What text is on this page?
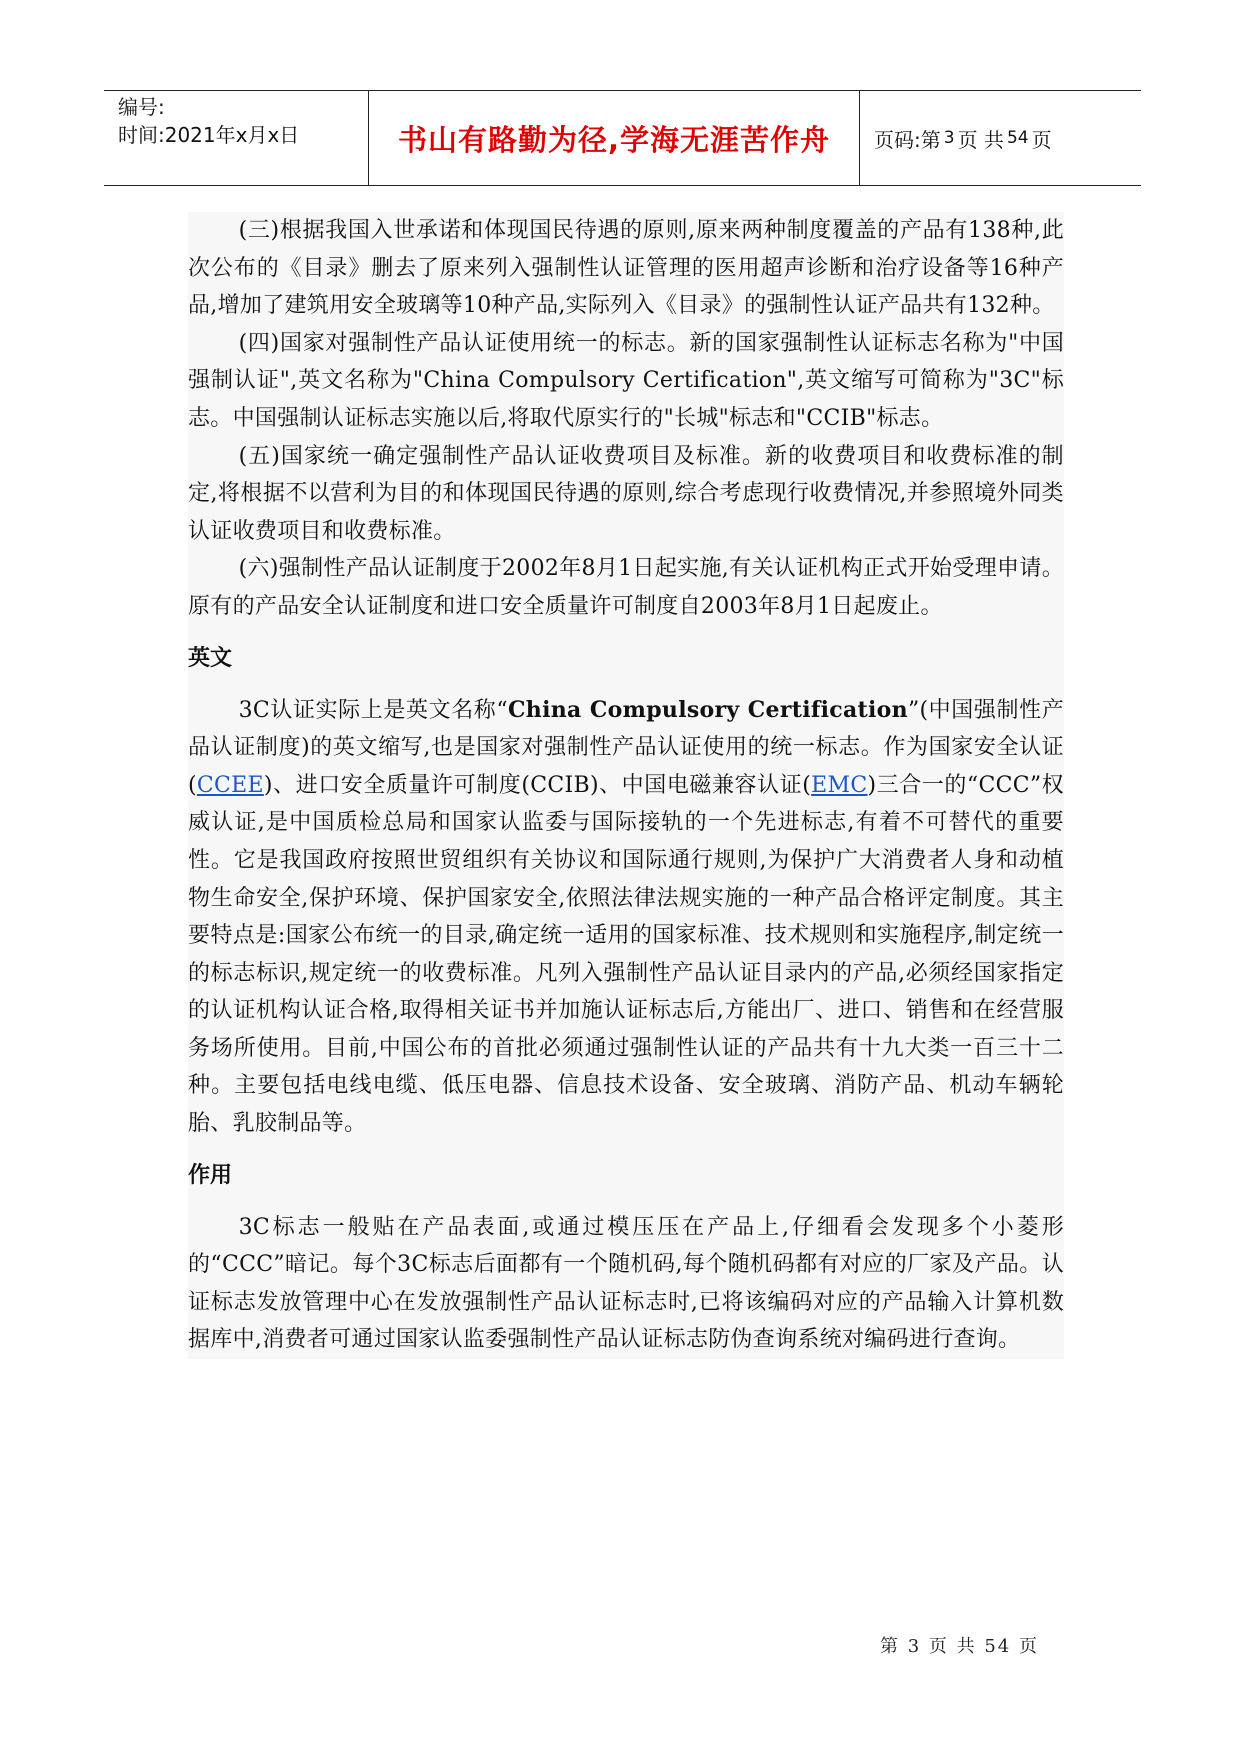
编号:
时间:2021年x月x日	书山有路勤为径,学海无涯苦作舟	页码:第 3 页 共 54 页

(三)根据我国入世承诺和体现国民待遇的原则,原来两种制度覆盖的产品有138种,此次公布的《目录》删去了原来列入强制性认证管理的医用超声诊断和治疗设备等16种产品,增加了建筑用安全玻璃等10种产品,实际列入《目录》的强制性认证产品共有132种。

(四)国家对强制性产品认证使用统一的标志。新的国家强制性认证标志名称为"中国强制认证",英文名称为"China Compulsory Certification",英文缩写可简称为"3C"标志。中国强制认证标志实施以后,将取代原实行的"长城"标志和"CCIB"标志。

(五)国家统一确定强制性产品认证收费项目及标准。新的收费项目和收费标准的制定,将根据不以营利为目的和体现国民待遇的原则,综合考虑现行收费情况,并参照境外同类认证收费项目和收费标准。

(六)强制性产品认证制度于2002年8月1日起实施,有关认证机构正式开始受理申请。原有的产品安全认证制度和进口安全质量许可制度自2003年8月1日起废止。

英文

3C认证实际上是英文名称“China Compulsory Certification”(中国强制性产品认证制度)的英文缩写,也是国家对强制性产品认证使用的统一标志。作为国家安全认证(CCEE)、进口安全质量许可制度(CCIB)、中国电磁兼容认证(EMC)三合一的“CCC”权威认证,是中国质检总局和国家认监委与国际接轨的一个先进标志,有着不可替代的重要性。它是我国政府按照世贸组织有关协议和国际通行规则,为保护广大消费者人身和动植物生命安全,保护环境、保护国家安全,依照法律法规实施的一种产品合格评定制度。其主要特点是:国家公布统一的目录,确定统一适用的国家标准、技术规则和实施程序,制定统一的标志标识,规定统一的收费标准。凡列入强制性产品认证目录内的产品,必须经国家指定的认证机构认证合格,取得相关证书并加施认证标志后,方能出厂、进口、销售和在经营服务场所使用。目前,中国公布的首批必须通过强制性认证的产品共有十九大类一百三十二种。主要包括电线电缆、低压电器、信息技术设备、安全玻璃、消防产品、机动车辆轮胎、乳胶制品等。

作用

3C标志一般贴在产品表面,或通过模压压在产品上,仔细看会发现多个小菱形的“CCC”暗记。每个3C标志后面都有一个随机码,每个随机码都有对应的厂家及产品。认证标志发放管理中心在发放强制性产品认证标志时,已将该编码对应的产品输入计算机数据库中,消费者可通过国家认监委强制性产品认证标志防伪查询系统对编码进行查询。

第 3 页 共 54 页
